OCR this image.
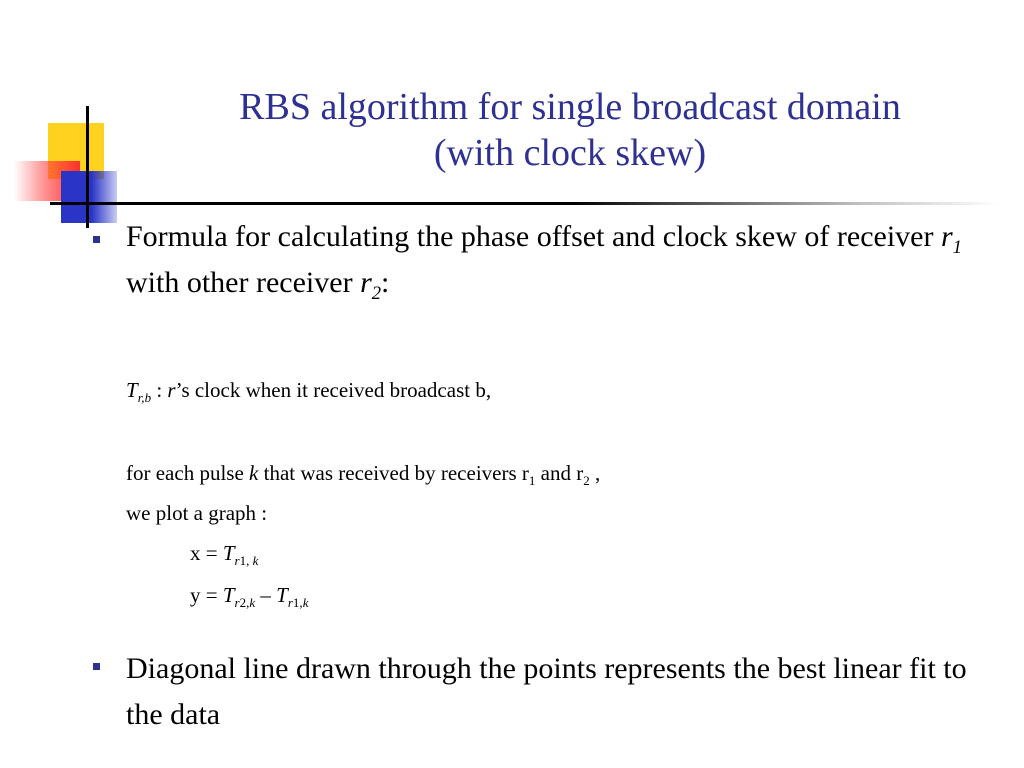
RBS algorithm for single broadcast domain
(with clock skew)
Formula for calculating the phase offset and clock skew of receiver $r_1$ with other receiver $r_2$:
$T_{r,b}$ : r’s clock when it received broadcast b,
for each pulse k that was received by receivers $r_1$ and $r_2$ ,
we plot a graph :
$x = T_{r1, k}$
$y = T_{r2,k} - T_{r1,k}$
Diagonal line drawn through the points represents the best linear fit to the data
